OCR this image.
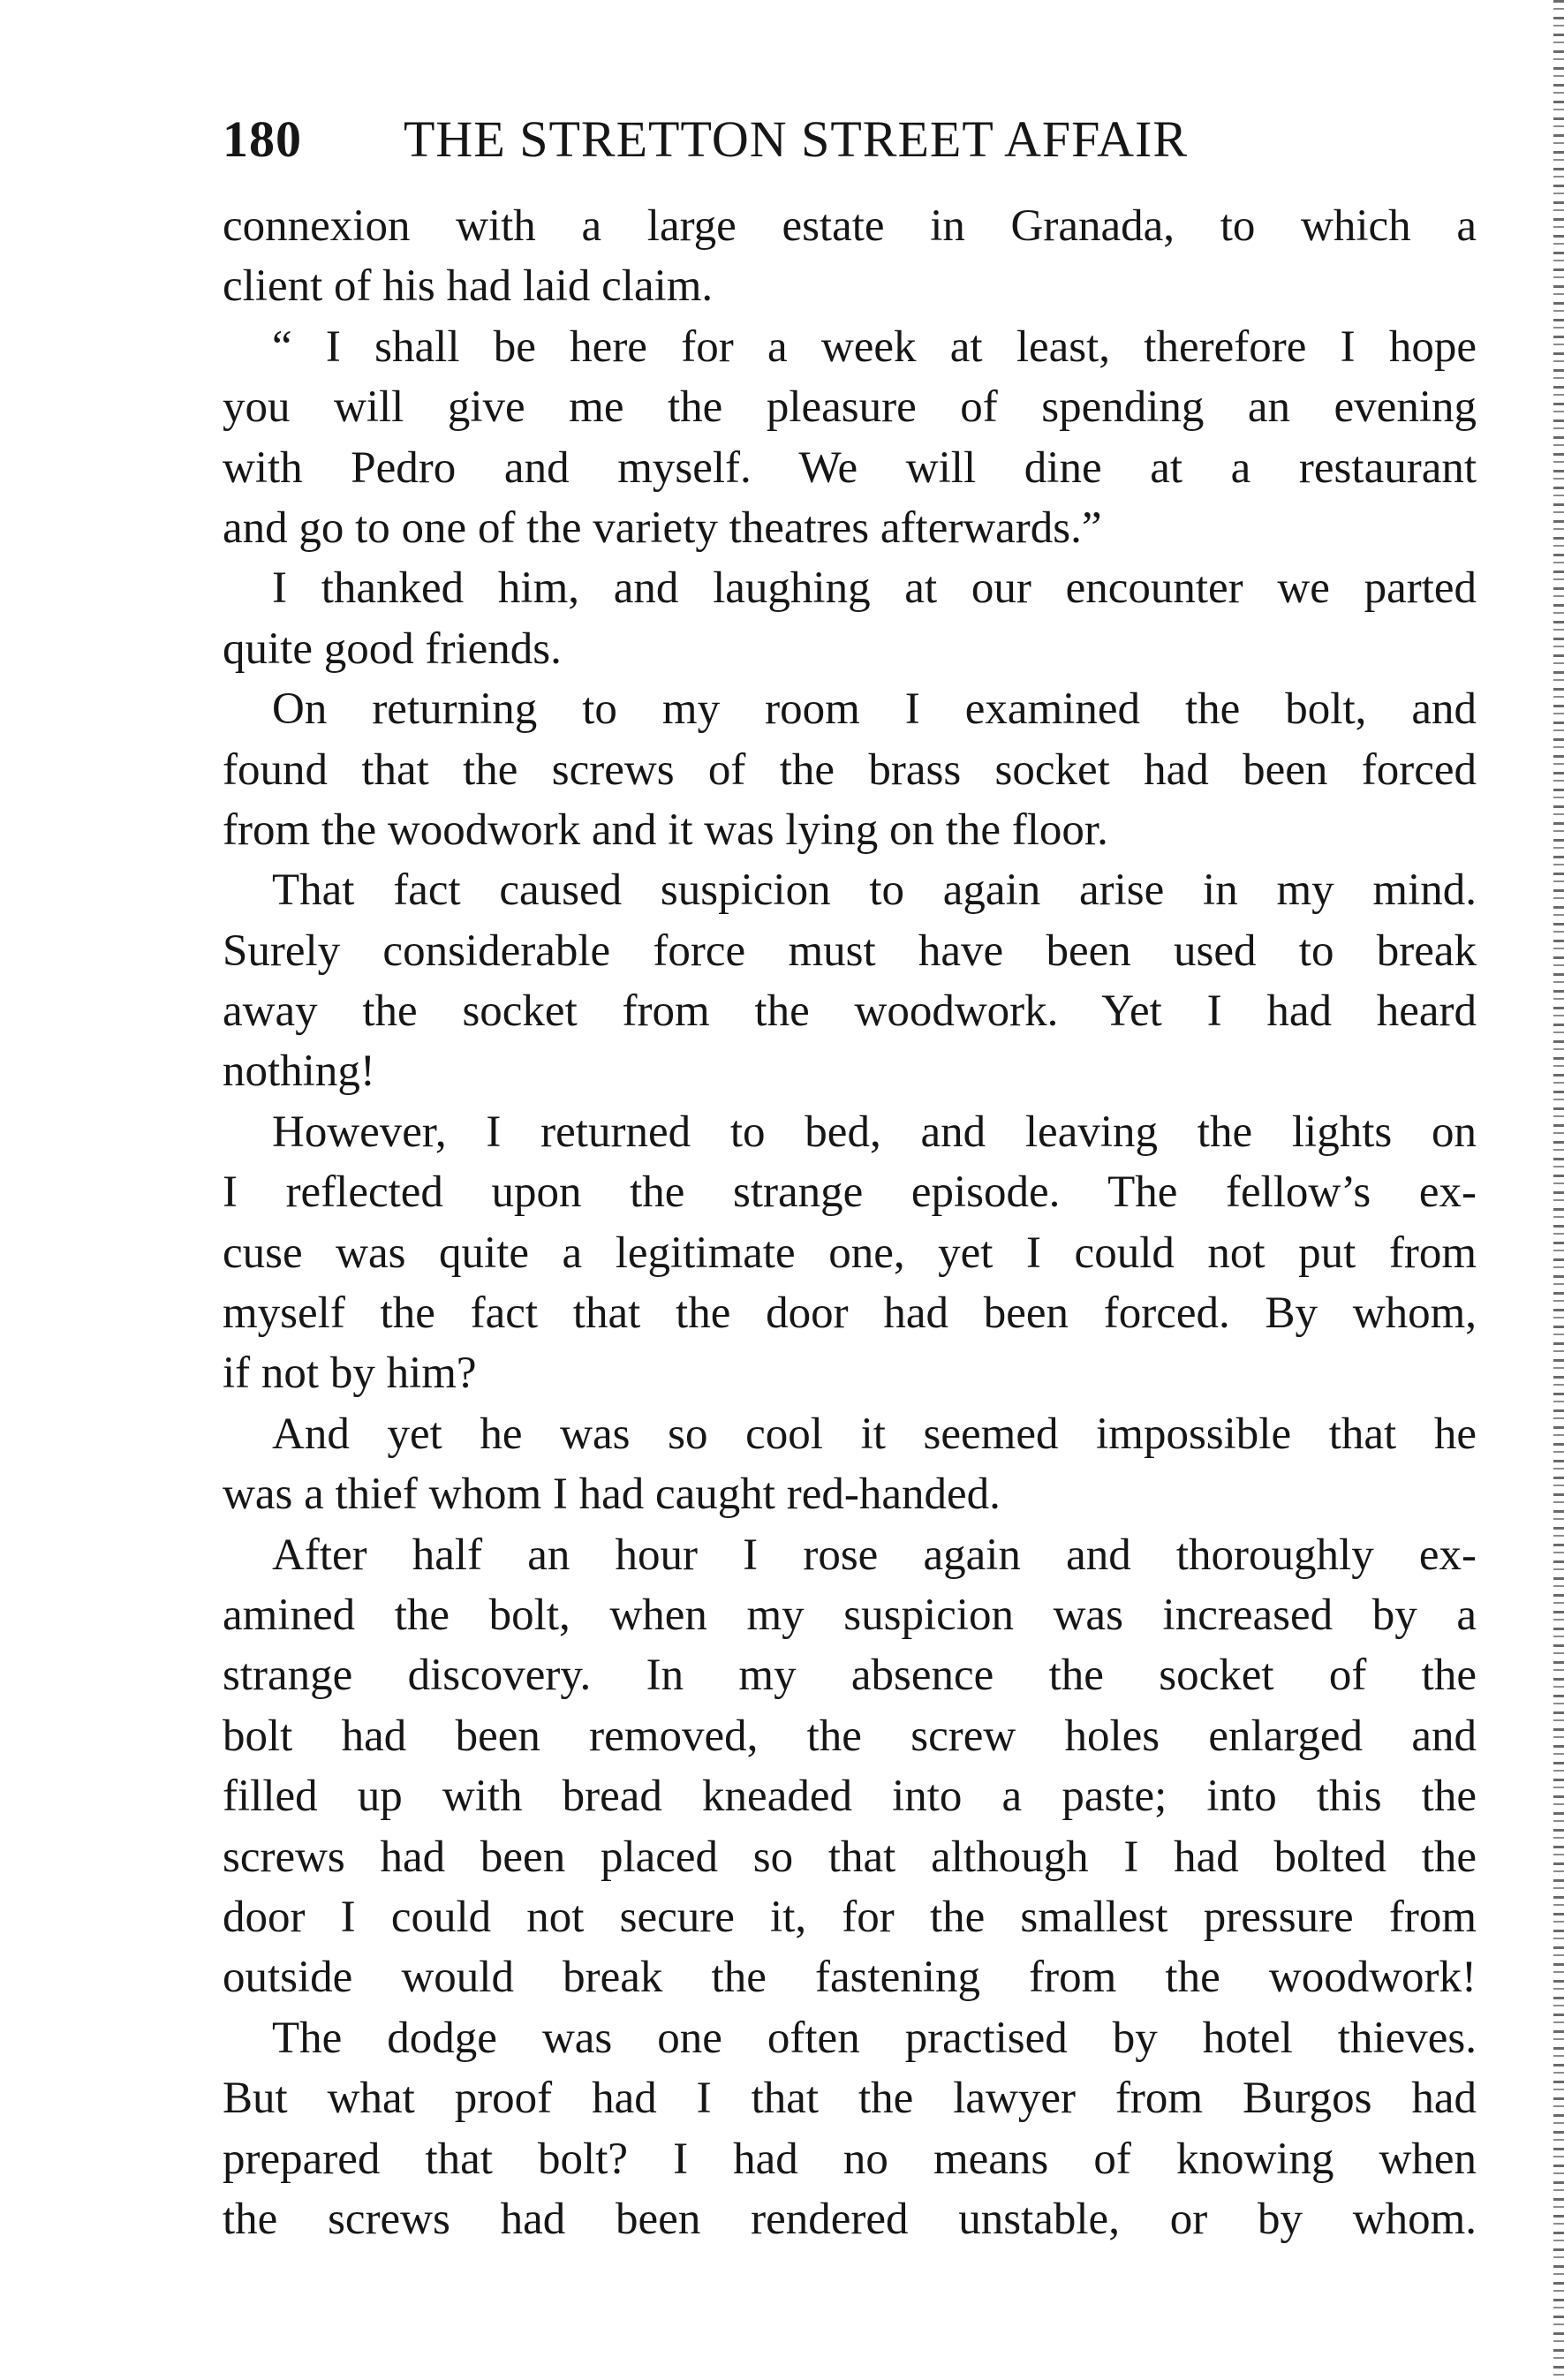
180 THE STRETTON STREET AFFAIR
connexion with a large estate in Granada, to which a
client of his had laid claim.
“ I shall be here for a week at least, therefore I hope
you will give me the pleasure of spending an evening
with Pedro and myself. We will dine at a restaurant
and go to one of the variety theatres afterwards.”
I thanked him, and laughing at our encounter we parted
quite good friends.
On returning to my room I examined the bolt, and
found that the screws of the brass socket had been forced
from the woodwork and it was lying on the floor.
That fact caused suspicion to again arise in my mind.
Surely considerable force must have been used to break
away the socket from the woodwork. Yet I had heard
nothing!
However, I returned to bed, and leaving the lights on
I reflected upon the strange episode. The fellow’s ex-
cuse was quite a legitimate one, yet I could not put from
myself the fact that the door had been forced. By whom,
if not by him?
And yet he was so cool it seemed impossible that he
was a thief whom I had caught red-handed.
After half an hour I rose again and thoroughly ex-
amined the bolt, when my suspicion was increased by a
strange discovery. In my absence the socket of the
bolt had been removed, the screw holes enlarged and
filled up with bread kneaded into a paste; into this the
screws had been placed so that although I had bolted the
door I could not secure it, for the smallest pressure from
outside would break the fastening from the woodwork!
The dodge was one often practised by hotel thieves.
But what proof had I that the lawyer from Burgos had
prepared that bolt? I had no means of knowing when
the screws had been rendered unstable, or by whom.
